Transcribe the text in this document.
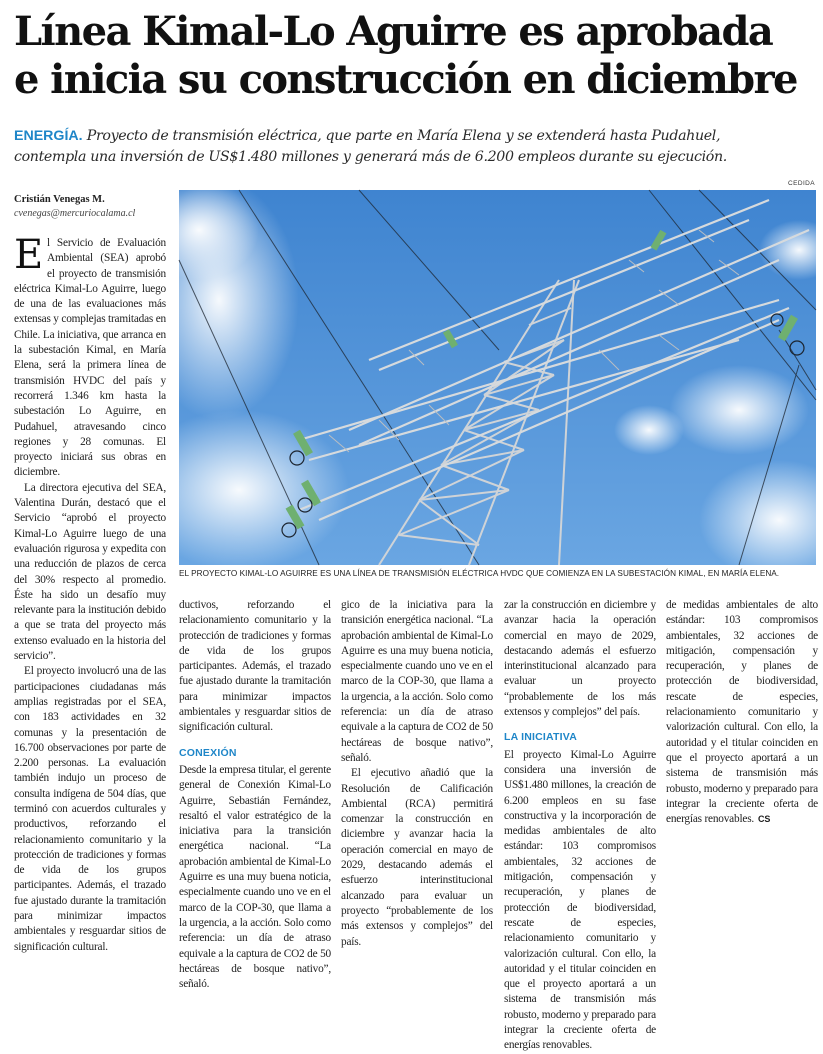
Línea Kimal-Lo Aguirre es aprobada
e inicia su construcción en diciembre
ENERGÍA. Proyecto de transmisión eléctrica, que parte en María Elena y se extenderá hasta Pudahuel,
contempla una inversión de US$1.480 millones y generará más de 6.200 empleos durante su ejecución.
CEDIDA
Cristián Venegas M.
cvenegas@mercuriocalama.cl
EL PROYECTO KIMAL-LO AGUIRRE ES UNA LÍNEA DE TRANSMISIÓN ELÉCTRICA HVDC QUE COMIENZA EN LA SUBESTACIÓN KIMAL, EN MARÍA ELENA.

El Servicio de Evaluación Ambiental (SEA) aprobó el proyecto de transmisión eléctrica Kimal-Lo Aguirre, luego de una de las evaluaciones más extensas y complejas tramitadas en Chile. La iniciativa, que arranca en la subestación Kimal, en María Elena, será la primera línea de transmisión HVDC del país y recorrerá 1.346 km hasta la subestación Lo Aguirre, en Pudahuel, atravesando cinco regiones y 28 comunas. El proyecto iniciará sus obras en diciembre.

La directora ejecutiva del SEA, Valentina Durán, destacó que el Servicio “aprobó el proyecto Kimal-Lo Aguirre luego de una evaluación rigurosa y expedita con una reducción de plazos de cerca del 30% respecto al promedio. Éste ha sido un desafío muy relevante para la institución debido a que se trata del proyecto más extenso evaluado en la historia del servicio”.

El proyecto involucró una de las participaciones ciudadanas más amplias registradas por el SEA, con 183 actividades en 32 comunas y la presentación de 16.700 observaciones por parte de 2.200 personas. La evaluación también indujo un proceso de consulta indígena de 504 días, que terminó con acuerdos culturales y productivos, reforzando el relacionamiento comunitario y la protección de tradiciones y formas de vida de los grupos participantes. Además, el trazado fue ajustado durante la tramitación para minimizar impactos ambientales y resguardar sitios de significación cultural.

ductivos, reforzando el relacionamiento comunitario y la protección de tradiciones y formas de vida de los grupos participantes. Además, el trazado fue ajustado durante la tramitación para minimizar impactos ambientales y resguardar sitios de significación cultural.

CONEXIÓN

Desde la empresa titular, el gerente general de Conexión Kimal-Lo Aguirre, Sebastián Fernández, resaltó el valor estratégico de la iniciativa para la transición energética nacional. “La aprobación ambiental de Kimal-Lo Aguirre es una muy buena noticia, especialmente cuando uno ve en el marco de la COP-30, que llama a la urgencia, a la acción. Solo como referencia: un día de atraso equivale a la captura de CO2 de 50 hectáreas de bosque nativo”, señaló.

gico de la iniciativa para la transición energética nacional. “La aprobación ambiental de Kimal-Lo Aguirre es una muy buena noticia, especialmente cuando uno ve en el marco de la COP-30, que llama a la urgencia, a la acción. Solo como referencia: un día de atraso equivale a la captura de CO2 de 50 hectáreas de bosque nativo”, señaló.

El ejecutivo añadió que la Resolución de Calificación Ambiental (RCA) permitirá comenzar la construcción en diciembre y avanzar hacia la operación comercial en mayo de 2029, destacando además el esfuerzo interinstitucional alcanzado para evaluar un proyecto “probablemente de los más extensos y complejos” del país.

zar la construcción en diciembre y avanzar hacia la operación comercial en mayo de 2029, destacando además el esfuerzo interinstitucional alcanzado para evaluar un proyecto “probablemente de los más extensos y complejos” del país.

LA INICIATIVA

El proyecto Kimal-Lo Aguirre considera una inversión de US$1.480 millones, la creación de 6.200 empleos en su fase constructiva y la incorporación de medidas ambientales de alto estándar: 103 compromisos ambientales, 32 acciones de mitigación, compensación y recuperación, y planes de protección de biodiversidad, rescate de especies, relacionamiento comunitario y valorización cultural. Con ello, la autoridad y el titular coinciden en que el proyecto aportará a un sistema de transmisión más robusto, moderno y preparado para integrar la creciente oferta de energías renovables.

de medidas ambientales de alto estándar: 103 compromisos ambientales, 32 acciones de mitigación, compensación y recuperación, y planes de protección de biodiversidad, rescate de especies, relacionamiento comunitario y valorización cultural. Con ello, la autoridad y el titular coinciden en que el proyecto aportará a un sistema de transmisión más robusto, moderno y preparado para integrar la creciente oferta de energías renovables. CS
